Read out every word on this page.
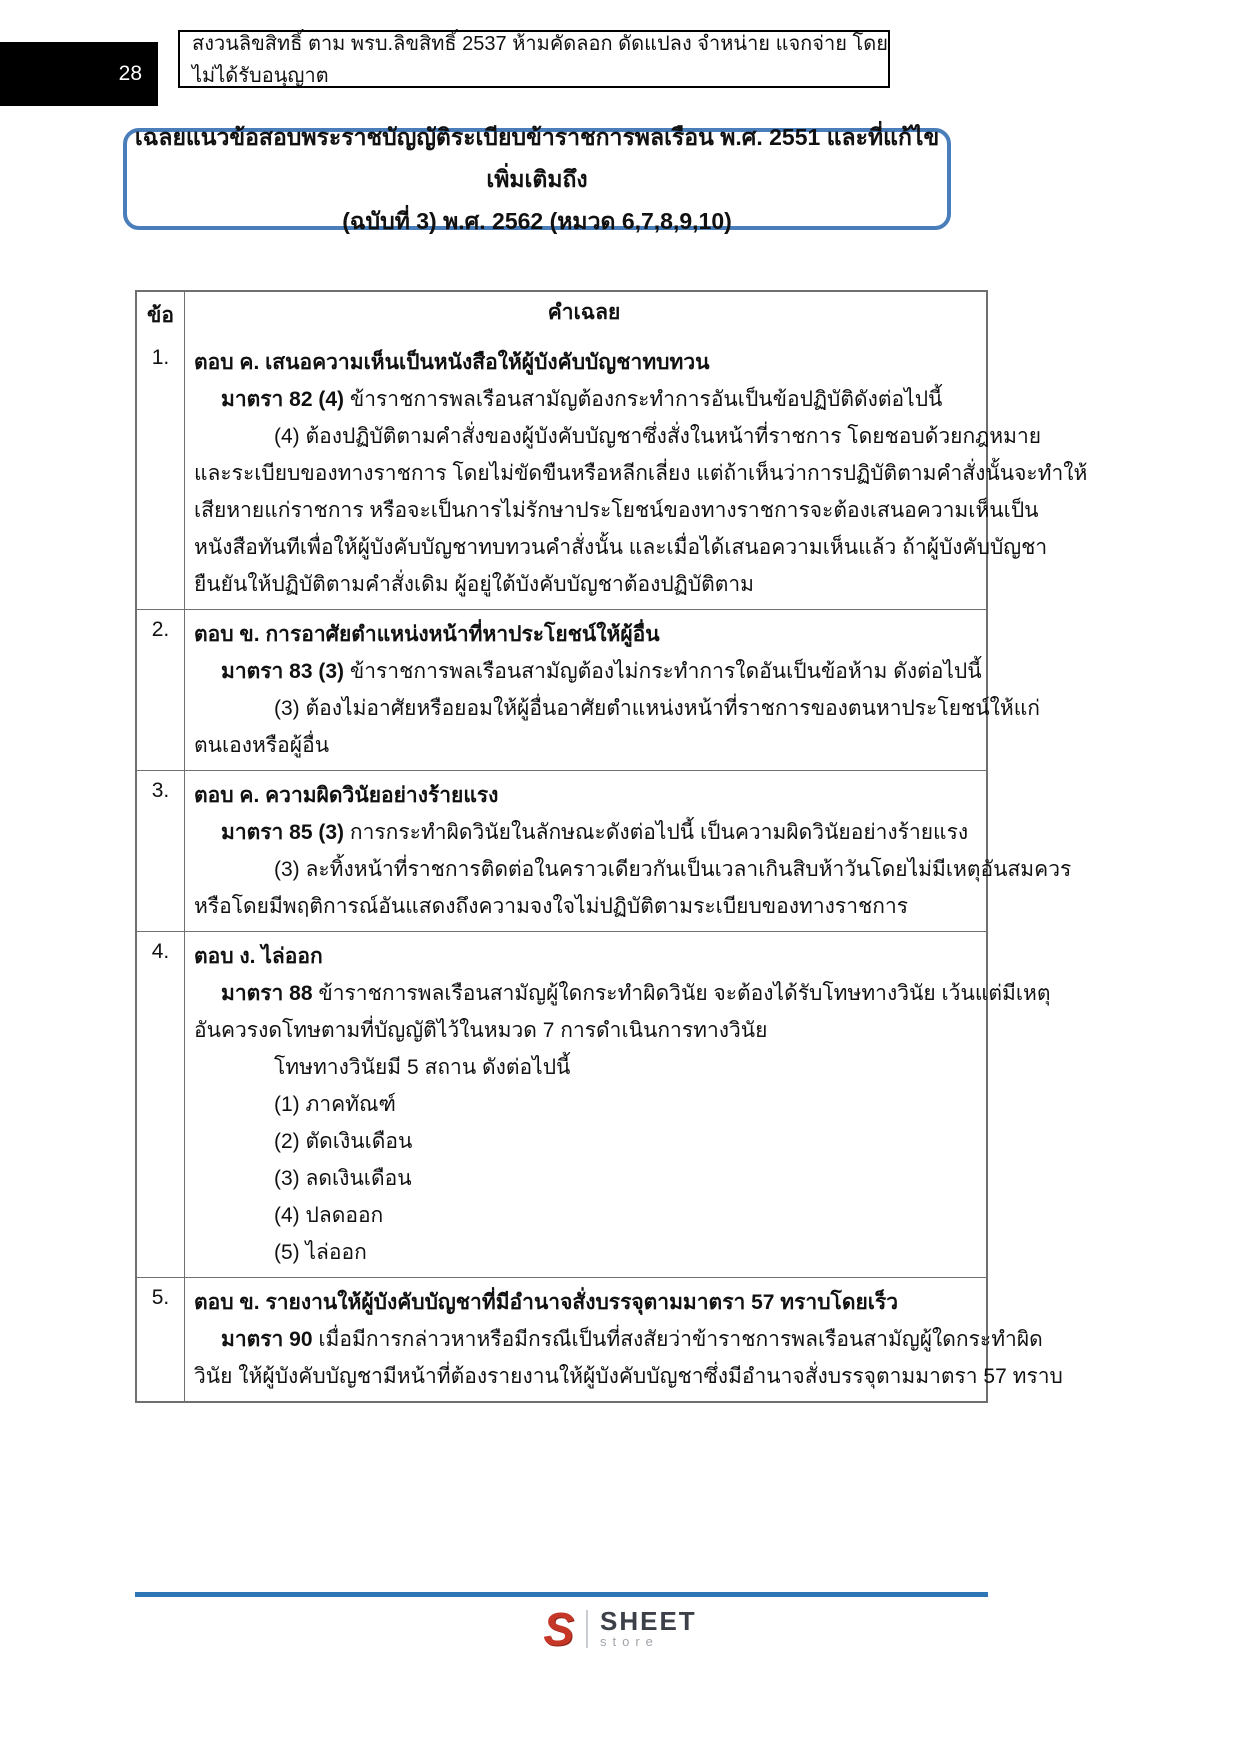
28
สงวนลิขสิทธิ์ ตาม พรบ.ลิขสิทธิ์ 2537 ห้ามคัดลอก ดัดแปลง จำหน่าย แจกจ่าย โดยไม่ได้รับอนุญาต
เฉลยแนวข้อสอบพระราชบัญญัติระเบียบข้าราชการพลเรือน พ.ศ. 2551 และที่แก้ไขเพิ่มเติมถึง
(ฉบับที่ 3) พ.ศ. 2562 (หมวด 6,7,8,9,10)
ข้อ	คำเฉลย
1.	ตอบ ค. เสนอความเห็นเป็นหนังสือให้ผู้บังคับบัญชาทบทวน
มาตรา 82 (4) ข้าราชการพลเรือนสามัญต้องกระทำการอันเป็นข้อปฏิบัติดังต่อไปนี้
(4) ต้องปฏิบัติตามคำสั่งของผู้บังคับบัญชาซึ่งสั่งในหน้าที่ราชการ โดยชอบด้วยกฎหมาย
และระเบียบของทางราชการ โดยไม่ขัดขืนหรือหลีกเลี่ยง แต่ถ้าเห็นว่าการปฏิบัติตามคำสั่งนั้นจะทำให้
เสียหายแก่ราชการ หรือจะเป็นการไม่รักษาประโยชน์ของทางราชการจะต้องเสนอความเห็นเป็น
หนังสือทันทีเพื่อให้ผู้บังคับบัญชาทบทวนคำสั่งนั้น และเมื่อได้เสนอความเห็นแล้ว ถ้าผู้บังคับบัญชา
ยืนยันให้ปฏิบัติตามคำสั่งเดิม ผู้อยู่ใต้บังคับบัญชาต้องปฏิบัติตาม
2.	ตอบ ข. การอาศัยตำแหน่งหน้าที่หาประโยชน์ให้ผู้อื่น
มาตรา 83 (3) ข้าราชการพลเรือนสามัญต้องไม่กระทำการใดอันเป็นข้อห้าม ดังต่อไปนี้
(3) ต้องไม่อาศัยหรือยอมให้ผู้อื่นอาศัยตำแหน่งหน้าที่ราชการของตนหาประโยชน์ให้แก่
ตนเองหรือผู้อื่น
3.	ตอบ ค. ความผิดวินัยอย่างร้ายแรง
มาตรา 85 (3) การกระทำผิดวินัยในลักษณะดังต่อไปนี้ เป็นความผิดวินัยอย่างร้ายแรง
(3) ละทิ้งหน้าที่ราชการติดต่อในคราวเดียวกันเป็นเวลาเกินสิบห้าวันโดยไม่มีเหตุอันสมควร
หรือโดยมีพฤติการณ์อันแสดงถึงความจงใจไม่ปฏิบัติตามระเบียบของทางราชการ
4.	ตอบ ง. ไล่ออก
มาตรา 88 ข้าราชการพลเรือนสามัญผู้ใดกระทำผิดวินัย จะต้องได้รับโทษทางวินัย เว้นแต่มีเหตุ
อันควรงดโทษตามที่บัญญัติไว้ในหมวด 7 การดำเนินการทางวินัย
โทษทางวินัยมี 5 สถาน ดังต่อไปนี้
(1) ภาคทัณฑ์
(2) ตัดเงินเดือน
(3) ลดเงินเดือน
(4) ปลดออก
(5) ไล่ออก
5.	ตอบ ข. รายงานให้ผู้บังคับบัญชาที่มีอำนาจสั่งบรรจุตามมาตรา 57 ทราบโดยเร็ว
มาตรา 90 เมื่อมีการกล่าวหาหรือมีกรณีเป็นที่สงสัยว่าข้าราชการพลเรือนสามัญผู้ใดกระทำผิด
วินัย ให้ผู้บังคับบัญชามีหน้าที่ต้องรายงานให้ผู้บังคับบัญชาซึ่งมีอำนาจสั่งบรรจุตามมาตรา 57 ทราบ
S SHEET
store
